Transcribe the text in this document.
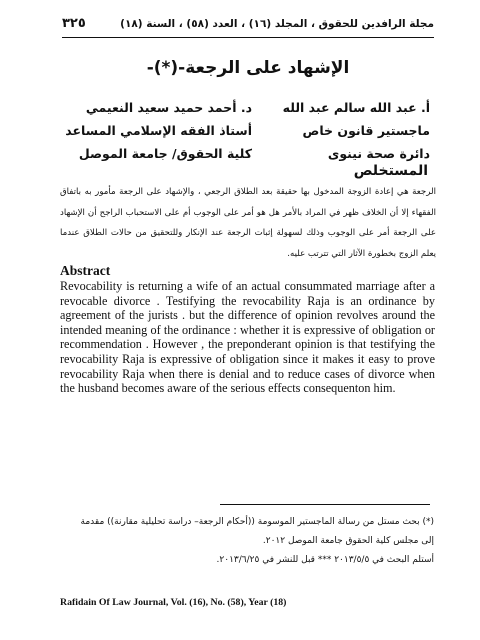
مجلة الرافدين للحقوق ، المجلد (١٦) ، العدد (٥٨) ، السنة (١٨)
٣٢٥
الإشهاد على الرجعة-(*)-
أ. عبد الله سالم عبد الله
ماجستير قانون خاص
دائرة صحة نينوى
د. أحمد حميد سعيد النعيمي
أستاذ الفقه الإسلامي المساعد
كلية الحقوق/ جامعة الموصل
المستخلص
الرجعة هي إعادة الزوجة المدخول بها حقيقة بعد الطلاق الرجعي ، والإشهاد على الرجعة مأمور به باتفاق الفقهاء إلا أن الخلاف ظهر في المراد بالأمر هل هو أمر على الوجوب أم على الاستحباب الراجح أن الإشهاد على الرجعة أمر على الوجوب وذلك لسهولة إثبات الرجعة عند الإنكار وللتحقيق من حالات الطلاق عندما يعلم الزوج بخطورة الآثار التي تترتب عليه.
Abstract
Revocability is returning a wife of an actual consummated marriage after a revocable divorce . Testifying the revocability Raja is an ordinance by agreement of the jurists . but the difference of opinion revolves around the intended meaning of the ordinance : whether it is expressive of obligation or recommendation . However , the preponderant opinion is that testifying the revocability Raja is expressive of obligation since it makes it easy to prove revocability Raja when there is denial and to reduce cases of divorce when the husband becomes aware of the serious effects consequenton him.
(*) بحث مستل من رسالة الماجستير الموسومة ((أحكام الرجعة– دراسة تحليلية مقارنة)) مقدمة
إلى مجلس كلية الحقوق جامعة الموصل ٢٠١٢.
أستلم البحث في ٢٠١٣/٥/٥ *** قبل للنشر في ٢٠١٣/٦/٢٥.
Rafidain Of Law Journal, Vol. (16), No. (58), Year (18)
